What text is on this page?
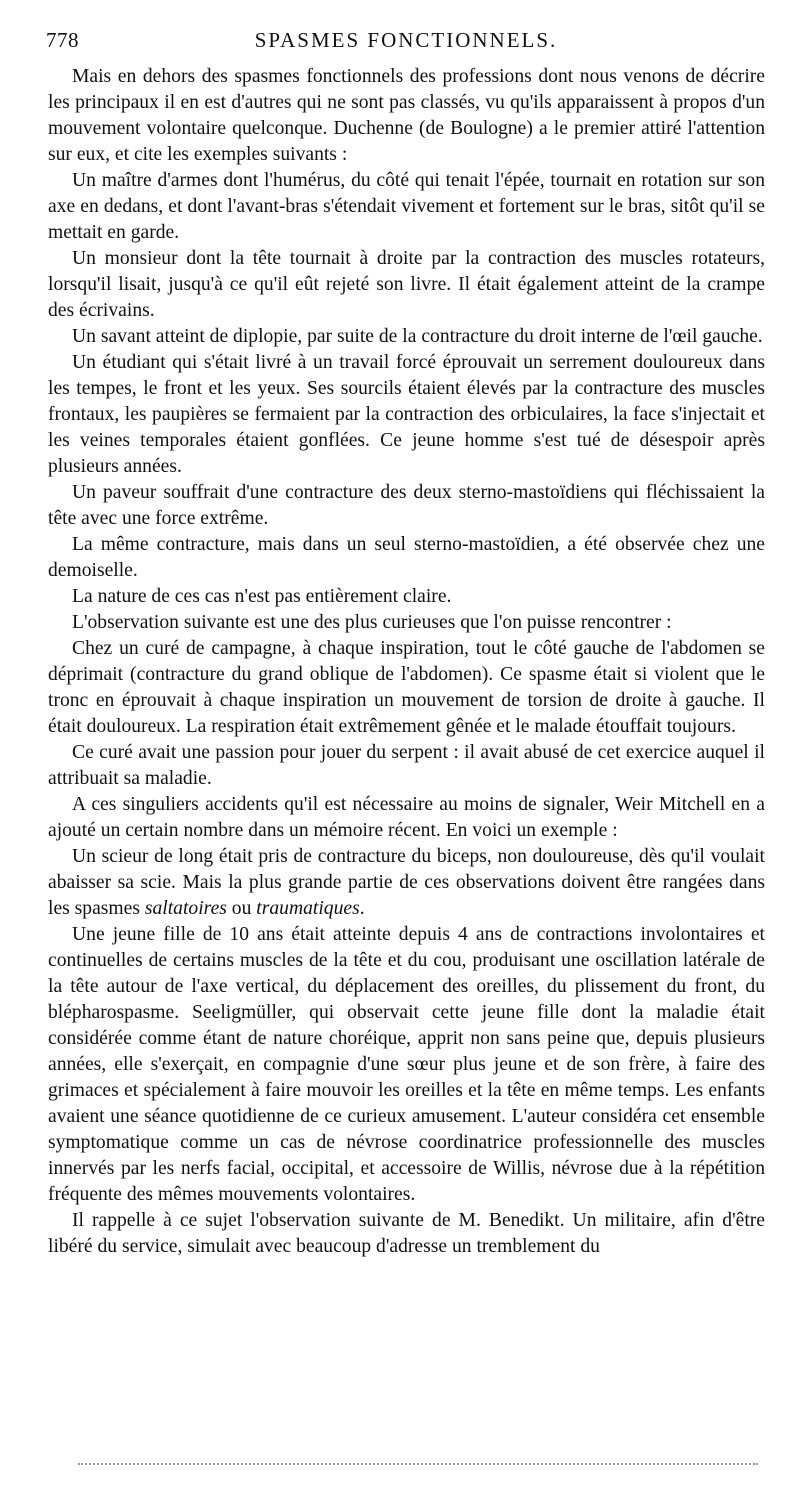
778	SPASMES FONCTIONNELS.

Mais en dehors des spasmes fonctionnels des professions dont nous venons de décrire les principaux il en est d'autres qui ne sont pas classés, vu qu'ils apparaissent à propos d'un mouvement volontaire quelconque. Duchenne (de Boulogne) a le premier attiré l'attention sur eux, et cite les exemples suivants :

Un maître d'armes dont l'humérus, du côté qui tenait l'épée, tournait en rotation sur son axe en dedans, et dont l'avant-bras s'étendait vivement et fortement sur le bras, sitôt qu'il se mettait en garde.

Un monsieur dont la tête tournait à droite par la contraction des muscles rotateurs, lorsqu'il lisait, jusqu'à ce qu'il eût rejeté son livre. Il était également atteint de la crampe des écrivains.

Un savant atteint de diplopie, par suite de la contracture du droit interne de l'œil gauche.

Un étudiant qui s'était livré à un travail forcé éprouvait un serrement douloureux dans les tempes, le front et les yeux. Ses sourcils étaient élevés par la contracture des muscles frontaux, les paupières se fermaient par la contraction des orbiculaires, la face s'injectait et les veines temporales étaient gonflées. Ce jeune homme s'est tué de désespoir après plusieurs années.

Un paveur souffrait d'une contracture des deux sterno-mastoïdiens qui fléchissaient la tête avec une force extrême.

La même contracture, mais dans un seul sterno-mastoïdien, a été observée chez une demoiselle.

La nature de ces cas n'est pas entièrement claire.

L'observation suivante est une des plus curieuses que l'on puisse rencontrer :

Chez un curé de campagne, à chaque inspiration, tout le côté gauche de l'abdomen se déprimait (contracture du grand oblique de l'abdomen). Ce spasme était si violent que le tronc en éprouvait à chaque inspiration un mouvement de torsion de droite à gauche. Il était douloureux. La respiration était extrêmement gênée et le malade étouffait toujours.

Ce curé avait une passion pour jouer du serpent : il avait abusé de cet exercice auquel il attribuait sa maladie.

A ces singuliers accidents qu'il est nécessaire au moins de signaler, Weir Mitchell en a ajouté un certain nombre dans un mémoire récent. En voici un exemple :

Un scieur de long était pris de contracture du biceps, non douloureuse, dès qu'il voulait abaisser sa scie. Mais la plus grande partie de ces observations doivent être rangées dans les spasmes saltatoires ou traumatiques.

Une jeune fille de 10 ans était atteinte depuis 4 ans de contractions involontaires et continuelles de certains muscles de la tête et du cou, produisant une oscillation latérale de la tête autour de l'axe vertical, du déplacement des oreilles, du plissement du front, du blépharospasme. Seeligmüller, qui observait cette jeune fille dont la maladie était considérée comme étant de nature choréique, apprit non sans peine que, depuis plusieurs années, elle s'exerçait, en compagnie d'une sœur plus jeune et de son frère, à faire des grimaces et spécialement à faire mouvoir les oreilles et la tête en même temps. Les enfants avaient une séance quotidienne de ce curieux amusement. L'auteur considéra cet ensemble symptomatique comme un cas de névrose coordinatrice professionnelle des muscles innervés par les nerfs facial, occipital, et accessoire de Willis, névrose due à la répétition fréquente des mêmes mouvements volontaires.

Il rappelle à ce sujet l'observation suivante de M. Benedikt. Un militaire, afin d'être libéré du service, simulait avec beaucoup d'adresse un tremblement du
